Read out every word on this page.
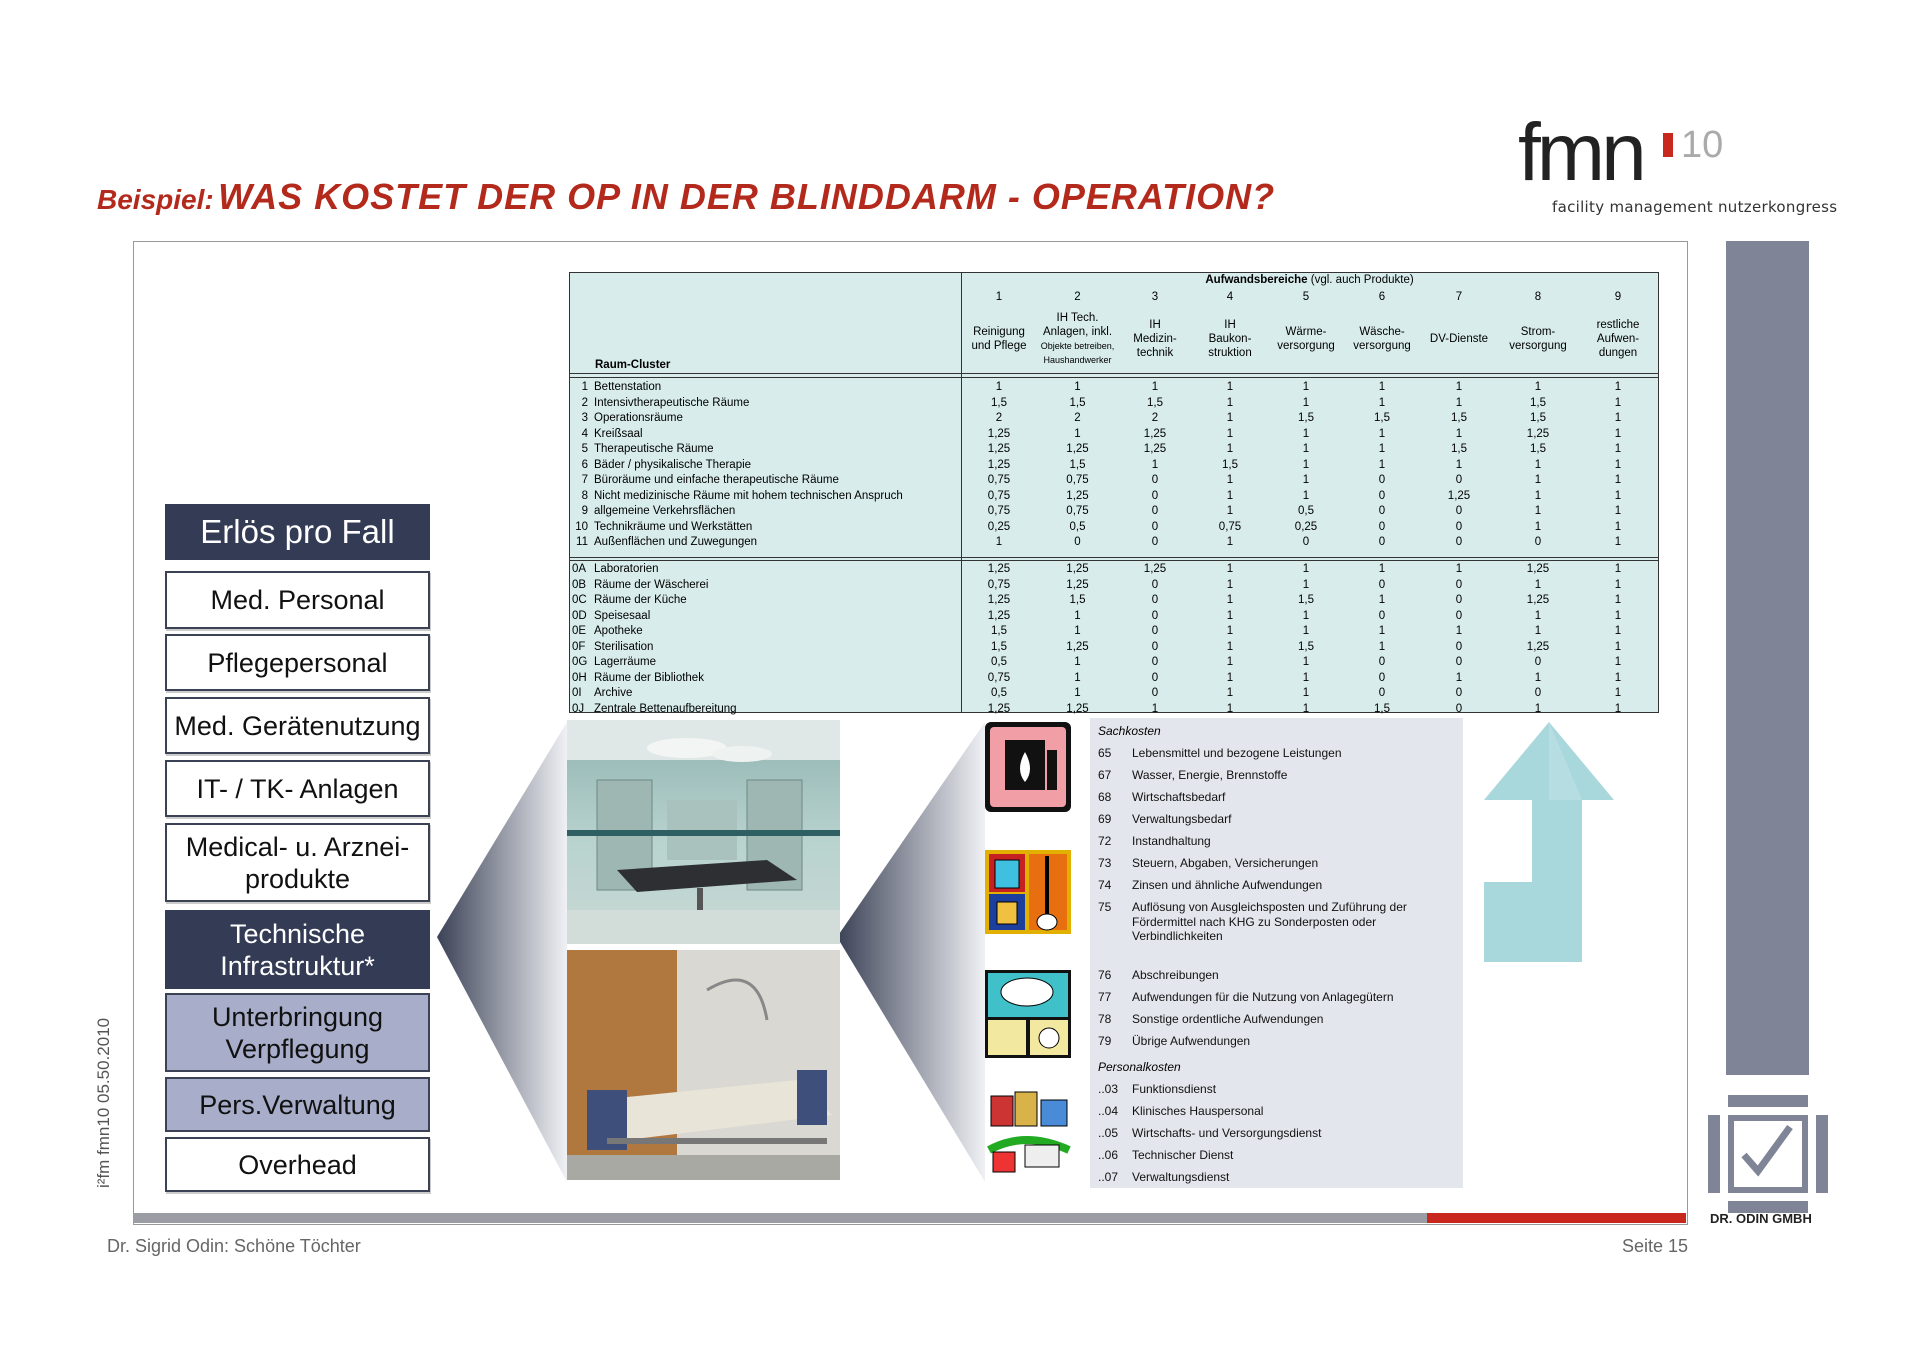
Beispiel: WAS KOSTET DER OP IN DER BLINDDARM - OPERATION?	fmn 10
facility management nutzerkongress
DR. ODIN GMBH
i²fm fmn10 05.50.2010
Dr. Sigrid Odin: Schöne Töchter	Seite 15
Erlös pro Fall
Med. Personal
Pflegepersonal
Med. Gerätenutzung
IT- / TK- Anlagen
Medical- u. Arznei-
produkte
Technische
Infrastruktur*
Unterbringung
Verpflegung
Pers.Verwaltung
Overhead
Aufwandsbereiche (vgl. auch Produkte)
1
Reinigung
und Pflege
2
IH Tech.
Anlagen, inkl.
Objekte betreiben,
Haushandwerker
3
IH
Medizin-
technik
4
IH
Baukon-
struktion
5
Wärme-
versorgung
6
Wäsche-
versorgung
7
DV-Dienste
8
Strom-
versorgung
9
restliche
Aufwen-
dungen
Raum-Cluster
1 Bettenstation	1	1	1	1	1	1	1	1	1
2 Intensivtherapeutische Räume	1,5	1,5	1,5	1	1	1	1	1,5	1
3 Operationsräume	2	2	2	1	1,5	1,5	1,5	1,5	1
4 Kreißsaal	1,25	1	1,25	1	1	1	1	1,25	1
5 Therapeutische Räume	1,25	1,25	1,25	1	1	1	1,5	1,5	1
6 Bäder / physikalische Therapie	1,25	1,5	1	1,5	1	1	1	1	1
7 Büroräume und einfache therapeutische Räume	0,75	0,75	0	1	1	0	0	1	1
8 Nicht medizinische Räume mit hohem technischen Anspruch	0,75	1,25	0	1	1	0	1,25	1	1
9 allgemeine Verkehrsflächen	0,75	0,75	0	1	0,5	0	0	1	1
10 Technikräume und Werkstätten	0,25	0,5	0	0,75	0,25	0	0	1	1
11 Außenflächen und Zuwegungen	1	0	0	1	0	0	0	0	1
0A Laboratorien	1,25	1,25	1,25	1	1	1	1	1,25	1
0B Räume der Wäscherei	0,75	1,25	0	1	1	0	0	1	1
0C Räume der Küche	1,25	1,5	0	1	1,5	1	0	1,25	1
0D Speisesaal	1,25	1	0	1	1	0	0	1	1
0E Apotheke	1,5	1	0	1	1	1	1	1	1
0F Sterilisation	1,5	1,25	0	1	1,5	1	0	1,25	1
0G Lagerräume	0,5	1	0	1	1	0	0	0	1
0H Räume der Bibliothek	0,75	1	0	1	1	0	1	1	1
0I Archive	0,5	1	0	1	1	0	0	0	1
0J Zentrale Bettenaufbereitung	1,25	1,25	1	1	1	1,5	0	1	1
Sachkosten
65 Lebensmittel und bezogene Leistungen
67 Wasser, Energie, Brennstoffe
68 Wirtschaftsbedarf
69 Verwaltungsbedarf
72 Instandhaltung
73 Steuern, Abgaben, Versicherungen
74 Zinsen und ähnliche Aufwendungen
75 Auflösung von Ausgleichsposten und Zuführung der Fördermittel nach KHG zu Sonderposten oder Verbindlichkeiten
76 Abschreibungen
77 Aufwendungen für die Nutzung von Anlagegütern
78 Sonstige ordentliche Aufwendungen
79 Übrige Aufwendungen
Personalkosten
..03 Funktionsdienst
..04 Klinisches Hauspersonal
..05 Wirtschafts- und Versorgungsdienst
..06 Technischer Dienst
..07 Verwaltungsdienst
